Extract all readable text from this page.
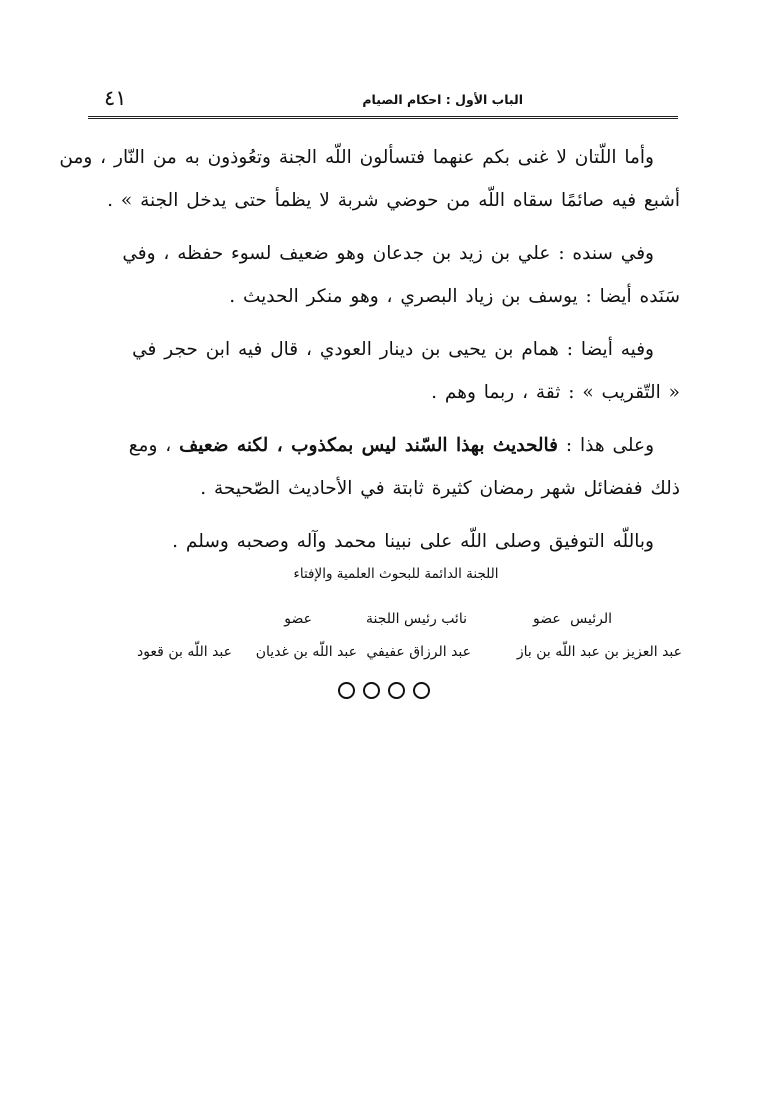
الباب الأول : احكام الصيام
٤١

وأما اللّتان لا غنى بكم عنهما فتسألون اللّه الجنة وتعُوذون به من النّار ، ومن
أشبع فيه صائمًا سقاه اللّه من حوضي شربة لا يظمأ حتى يدخل الجنة » .

وفي سنده : علي بن زيد بن جدعان وهو ضعيف لسوء حفظه ، وفي
سَنَده أيضا : يوسف بن زياد البصري ، وهو منكر الحديث .

وفيه أيضا : همام بن يحيى بن دينار العودي ، قال فيه ابن حجر في
« التّقريب » : ثقة ، ربما وهم .

وعلى هذا : فالحديث بهذا السّند ليس بمكذوب ، لكنه ضعيف ، ومع
ذلك ففضائل شهر رمضان كثيرة ثابتة في الأحاديث الصّحيحة .

وباللّه التوفيق وصلى اللّه على نبينا محمد وآله وصحبه وسلم .

اللجنة الدائمة للبحوث العلمية والإفتاء
الرئيس
نائب رئيس اللجنة
عضو	عضو
عبد العزيز بن عبد اللّه بن باز
عبد الرزاق عفيفي
عبد اللّه بن غديان
عبد اللّه بن قعود
